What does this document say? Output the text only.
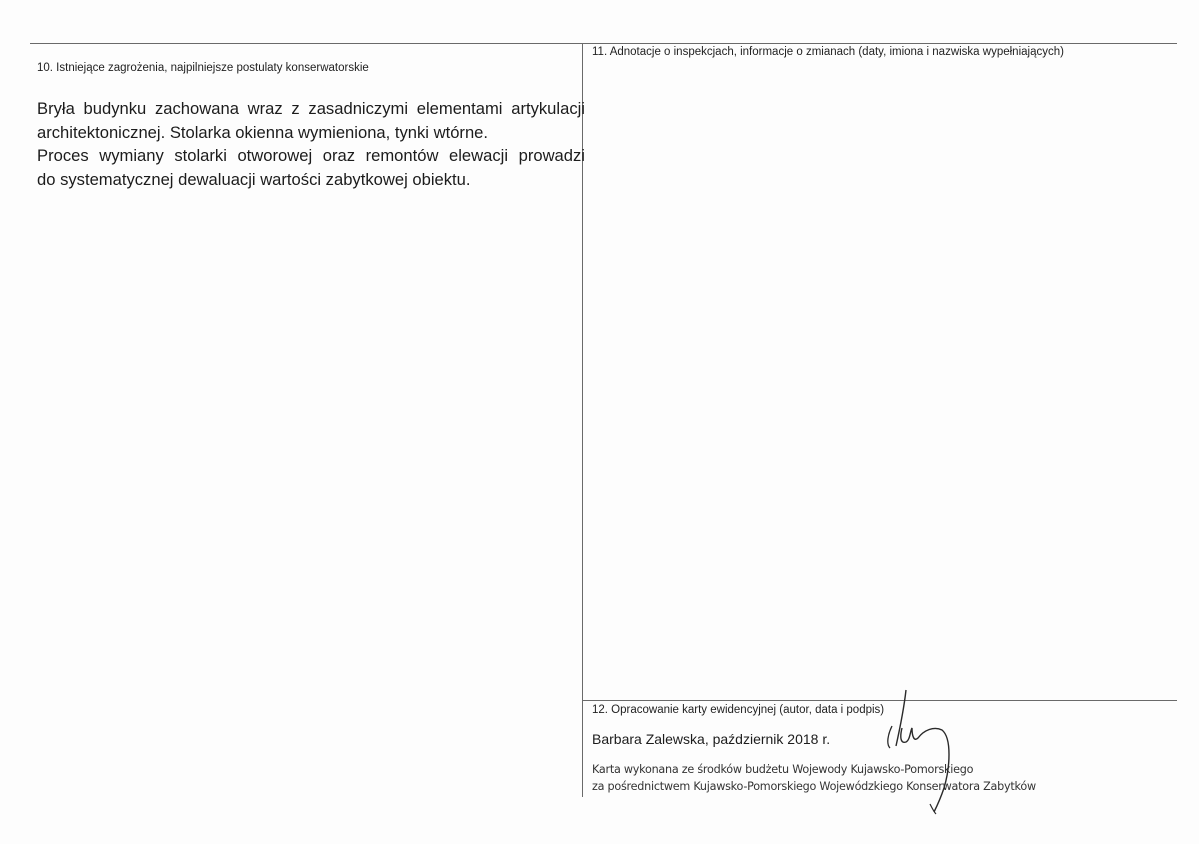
10. Istniejące zagrożenia, najpilniejsze postulaty konserwatorskie
Bryła budynku zachowana wraz z zasadniczymi elementami artykulacji
architektonicznej. Stolarka okienna wymieniona, tynki wtórne.
Proces wymiany stolarki otworowej oraz remontów elewacji prowadzi
do systematycznej dewaluacji wartości zabytkowej obiektu.
11. Adnotacje o inspekcjach, informacje o zmianach (daty, imiona i nazwiska wypełniających)
12. Opracowanie karty ewidencyjnej (autor, data i podpis)
Barbara Zalewska, październik 2018 r.
Karta wykonana ze środków budżetu Wojewody Kujawsko-Pomorskiego
za pośrednictwem Kujawsko-Pomorskiego Wojewódzkiego Konserwatora Zabytków
